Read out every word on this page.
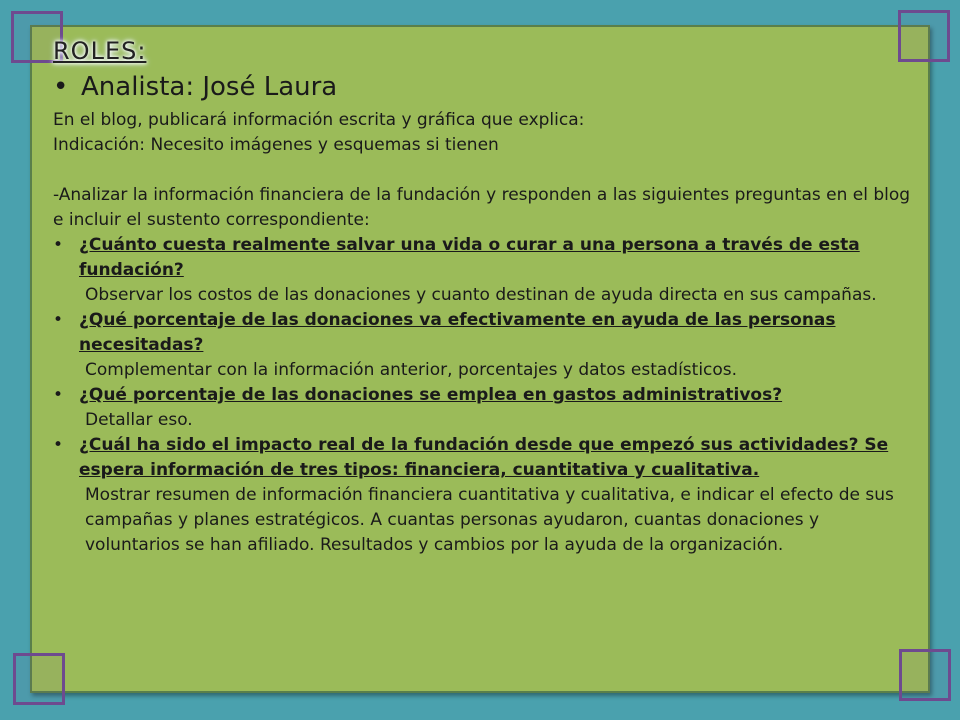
ROLES:
• Analista: José Laura

En el blog, publicará información escrita y gráfica que explica:

Indicación: Necesito imágenes y esquemas si tienen

-Analizar la información financiera de la fundación y responden a las siguientes preguntas en el blog e incluir el sustento correspondiente:

• ¿Cuánto cuesta realmente salvar una vida o curar a una persona a través de esta fundación?
Observar los costos de las donaciones y cuanto destinan de ayuda directa en sus campañas.
• ¿Qué porcentaje de las donaciones va efectivamente en ayuda de las personas necesitadas?
Complementar con la información anterior, porcentajes y datos estadísticos.
• ¿Qué porcentaje de las donaciones se emplea en gastos administrativos?
Detallar eso.
• ¿Cuál ha sido el impacto real de la fundación desde que empezó sus actividades? Se espera información de tres tipos: financiera, cuantitativa y cualitativa.
Mostrar resumen de información financiera cuantitativa y cualitativa, e indicar el efecto de sus campañas y planes estratégicos. A cuantas personas ayudaron, cuantas donaciones y voluntarios se han afiliado. Resultados y cambios por la ayuda de la organización.
